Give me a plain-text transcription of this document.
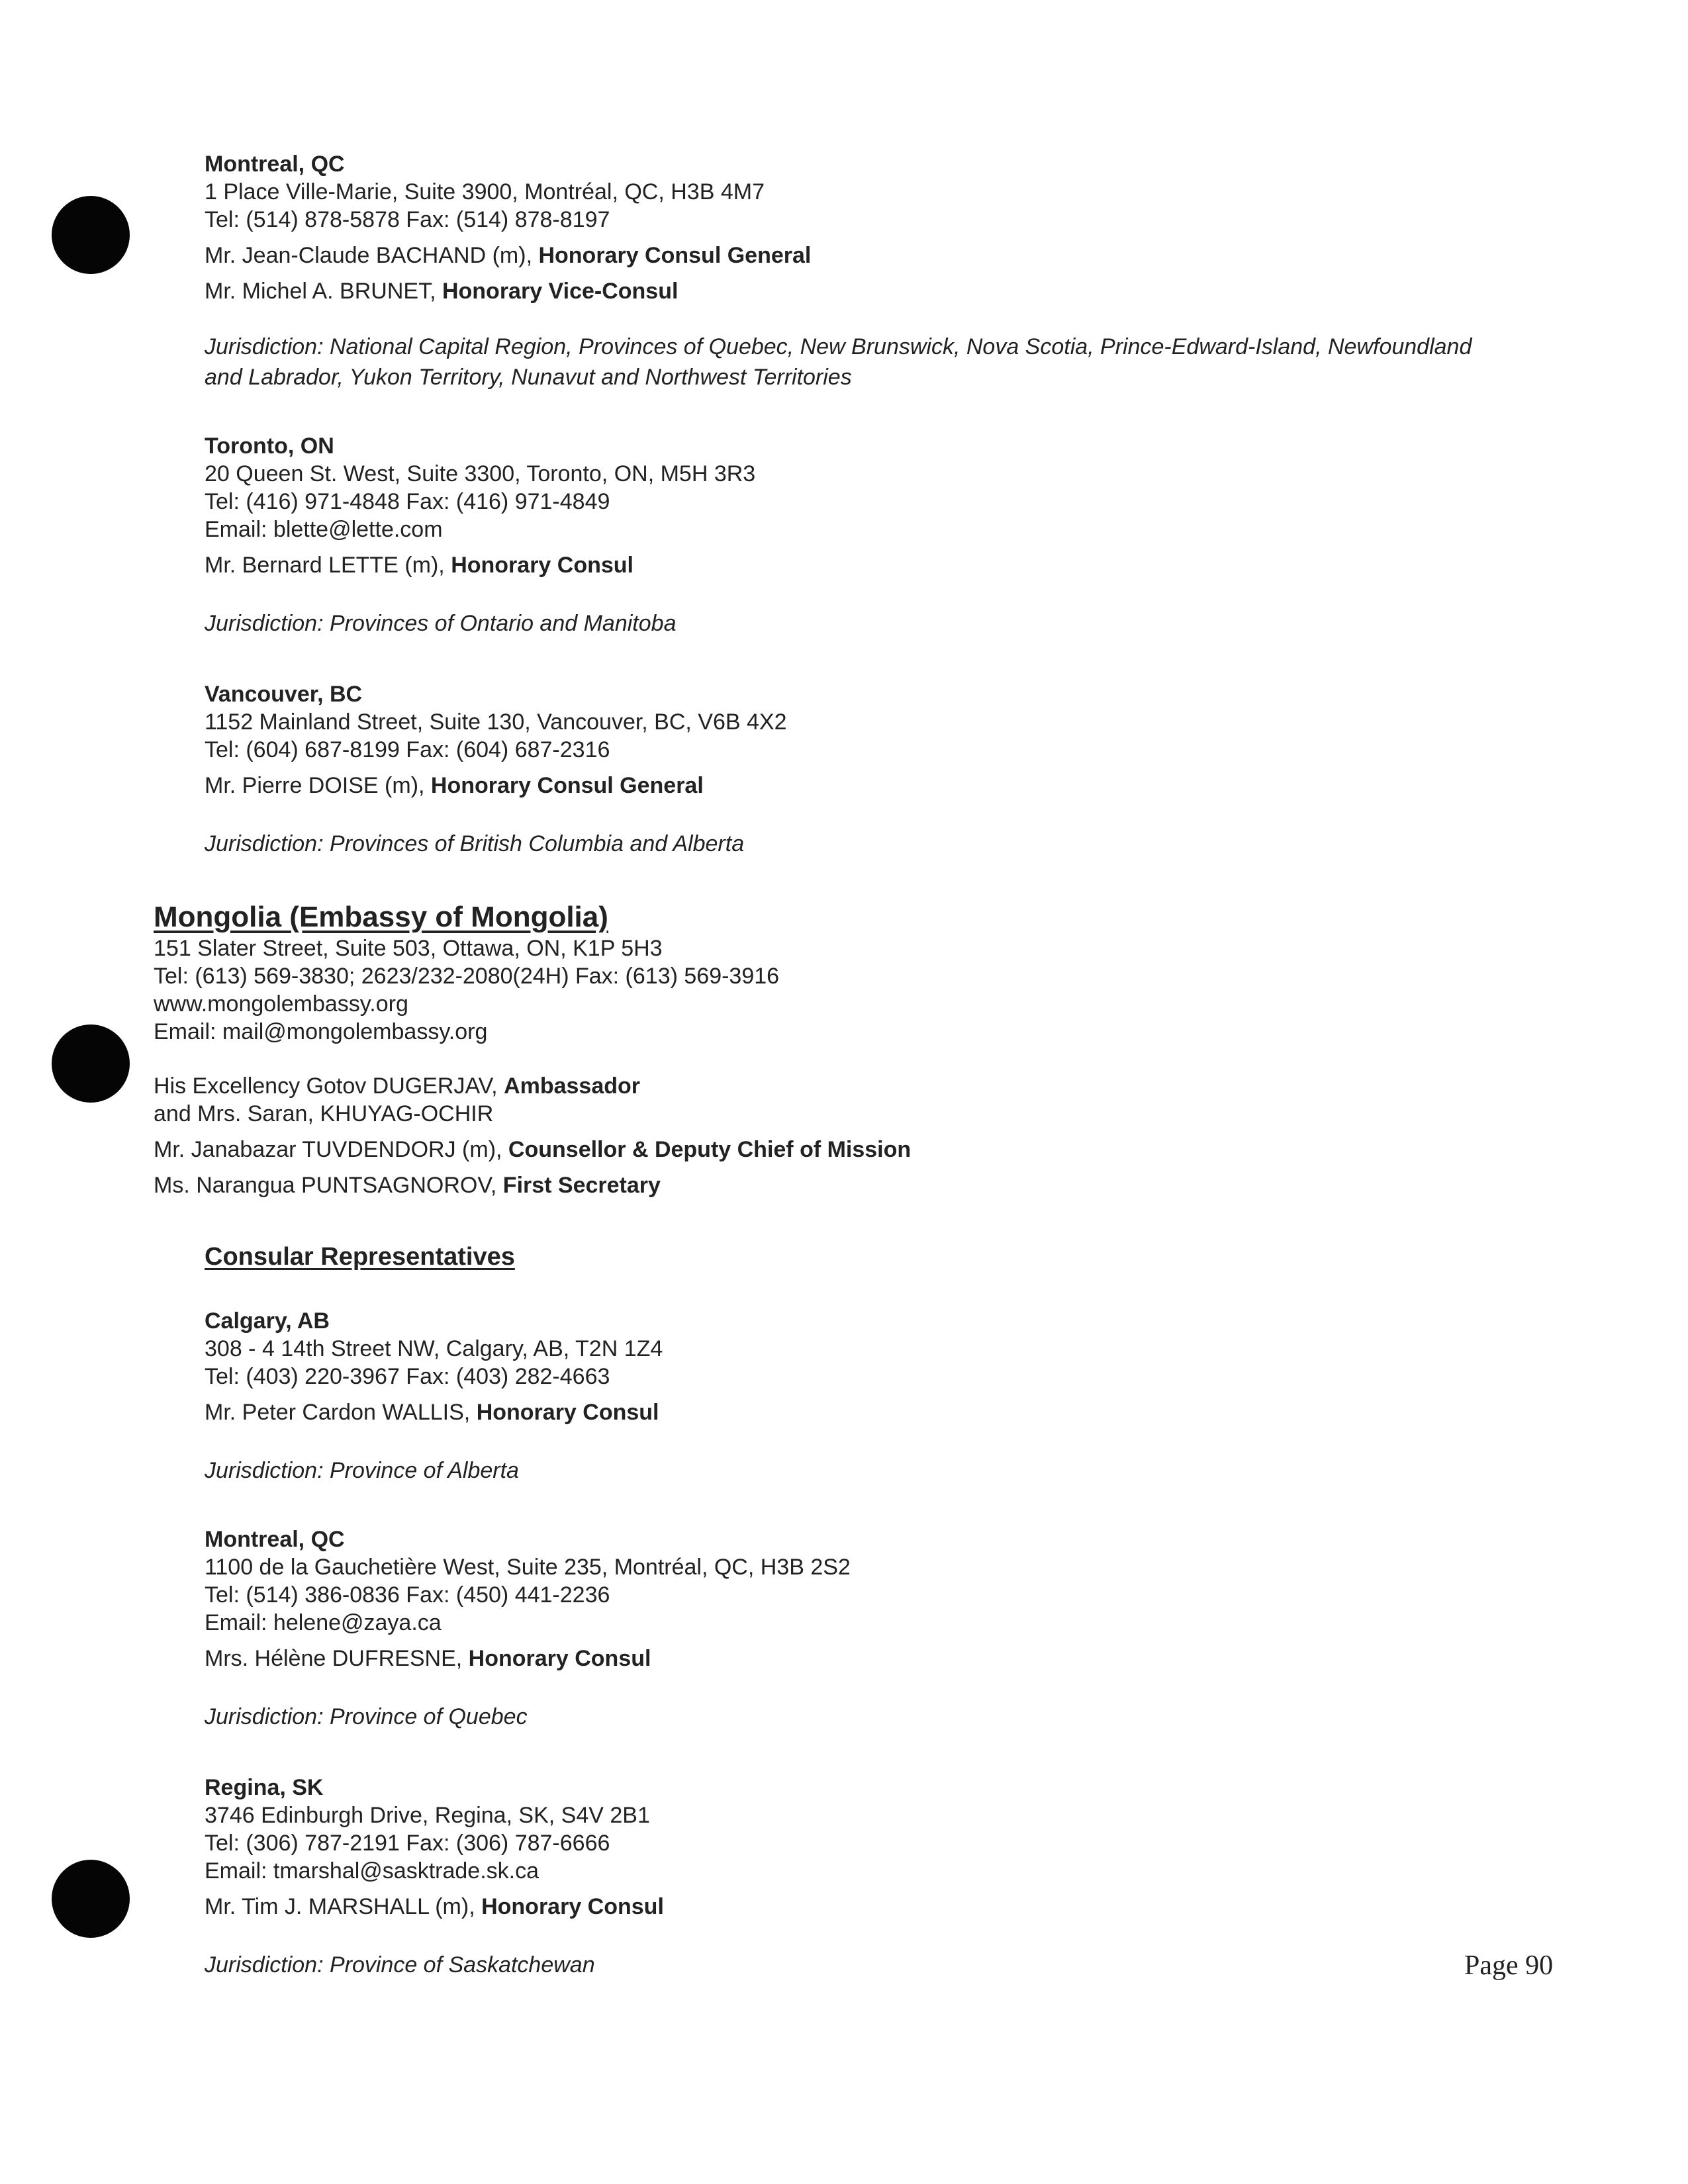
Montreal, QC
1 Place Ville-Marie, Suite 3900, Montréal, QC, H3B 4M7
Tel: (514) 878-5878 Fax: (514) 878-8197
Mr. Jean-Claude BACHAND (m), Honorary Consul General
Mr. Michel A. BRUNET, Honorary Vice-Consul
Jurisdiction: National Capital Region, Provinces of Quebec, New Brunswick, Nova Scotia, Prince-Edward-Island, Newfoundland and Labrador, Yukon Territory, Nunavut and Northwest Territories
Toronto, ON
20 Queen St. West, Suite 3300, Toronto, ON, M5H 3R3
Tel: (416) 971-4848 Fax: (416) 971-4849
Email: blette@lette.com
Mr. Bernard LETTE (m), Honorary Consul
Jurisdiction: Provinces of Ontario and Manitoba
Vancouver, BC
1152 Mainland Street, Suite 130, Vancouver, BC, V6B 4X2
Tel: (604) 687-8199 Fax: (604) 687-2316
Mr. Pierre DOISE (m), Honorary Consul General
Jurisdiction: Provinces of British Columbia and Alberta
Mongolia (Embassy of Mongolia)
151 Slater Street, Suite 503, Ottawa, ON, K1P 5H3
Tel: (613) 569-3830; 2623/232-2080(24H) Fax: (613) 569-3916
www.mongolembassy.org
Email: mail@mongolembassy.org
His Excellency Gotov DUGERJAV, Ambassador
and Mrs. Saran, KHUYAG-OCHIR
Mr. Janabazar TUVDENDORJ (m), Counsellor & Deputy Chief of Mission
Ms. Narangua PUNTSAGNOROV, First Secretary
Consular Representatives
Calgary, AB
308 - 4 14th Street NW, Calgary, AB, T2N 1Z4
Tel: (403) 220-3967 Fax: (403) 282-4663
Mr. Peter Cardon WALLIS, Honorary Consul
Jurisdiction: Province of Alberta
Montreal, QC
1100 de la Gauchetière West, Suite 235, Montréal, QC, H3B 2S2
Tel: (514) 386-0836 Fax: (450) 441-2236
Email: helene@zaya.ca
Mrs. Hélène DUFRESNE, Honorary Consul
Jurisdiction: Province of Quebec
Regina, SK
3746 Edinburgh Drive, Regina, SK, S4V 2B1
Tel: (306) 787-2191 Fax: (306) 787-6666
Email: tmarshal@sasktrade.sk.ca
Mr. Tim J. MARSHALL (m), Honorary Consul
Jurisdiction: Province of Saskatchewan	Page 90
